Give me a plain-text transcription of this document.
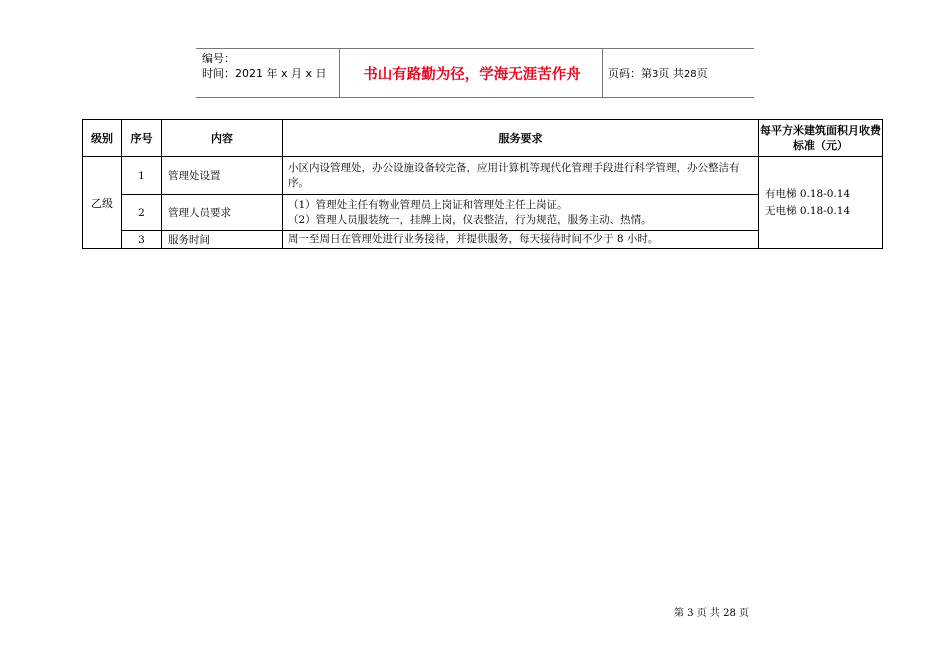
编号：
时间：2021 年 x 月 x 日	书山有路勤为径，学海无涯苦作舟	页码：第3页 共28页
级别	序号	内容	服务要求	每平方米建筑面积月收费标准（元）
乙级	1	管理处设置	小区内设管理处，办公设施设备较完备，应用计算机等现代化管理手段进行科学管理，办公整洁有序。	有电梯 0.18-0.14
无电梯 0.18-0.14

	2	管理人员要求	（1）管理处主任有物业管理员上岗证和管理处主任上岗证。
（2）管理人员服装统一，挂牌上岗，仪表整洁，行为规范，服务主动、热情。	

	3	服务时间	周一至周日在管理处进行业务接待，并提供服务，每天接待时间不少于 8 小时。	
第 3 页 共 28 页
